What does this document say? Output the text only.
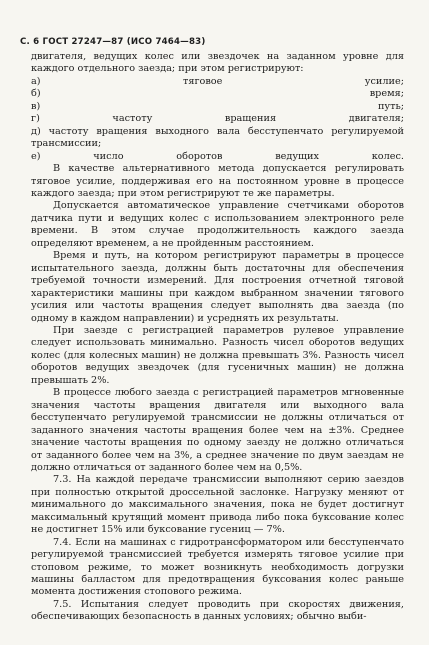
С. 6 ГОСТ 27247—87 (ИСО 7464—83)

двигателя, ведущих колес или звездочек на заданном уровне для каждого отдельного заезда; при этом регистрируют:

а) тяговое усилие;

б) время;

в) путь;

г) частоту вращения двигателя;

д) частоту вращения выходного вала бесступенчато регулируемой трансмиссии;

е) число оборотов ведущих колес.

В качестве альтернативного метода допускается регулировать тяговое усилие, поддерживая его на постоянном уровне в процессе каждого заезда; при этом регистрируют те же параметры.

Допускается автоматическое управление счетчиками оборотов датчика пути и ведущих колес с использованием электронного реле времени. В этом случае продолжительность каждого заезда определяют временем, а не пройденным расстоянием.

Время и путь, на котором регистрируют параметры в процессе испытательного заезда, должны быть достаточны для обеспечения требуемой точности измерений. Для построения отчетной тяговой характеристики машины при каждом выбранном значении тягового усилия или частоты вращения следует выполнять два заезда (по одному в каждом направлении) и усреднять их результаты.

При заезде с регистрацией параметров рулевое управление следует использовать минимально. Разность чисел оборотов ведущих колес (для колесных машин) не должна превышать 3%. Разность чисел оборотов ведущих звездочек (для гусеничных машин) не должна превышать 2%.

В процессе любого заезда с регистрацией параметров мгновенные значения частоты вращения двигателя или выходного вала бесступенчато регулируемой трансмиссии не должны отличаться от заданного значения частоты вращения более чем на ±3%. Среднее значение частоты вращения по одному заезду не должно отличаться от заданного более чем на 3%, а среднее значение по двум заездам не должно отличаться от заданного более чем на 0,5%.

7.3. На каждой передаче трансмиссии выполняют серию заездов при полностью открытой дроссельной заслонке. Нагрузку меняют от минимального до максимального значения, пока не будет достигнут максимальный крутящий момент привода либо пока буксование колес не достигнет 15% или буксование гусениц — 7%.

7.4. Если на машинах с гидротрансформатором или бесступенчато регулируемой трансмиссией требуется измерять тяговое усилие при стоповом режиме, то может возникнуть необходимость догрузки машины балластом для предотвращения буксования колес раньше момента достижения стопового режима.

7.5. Испытания следует проводить при скоростях движения, обеспечивающих безопасность в данных условиях; обычно выби-
